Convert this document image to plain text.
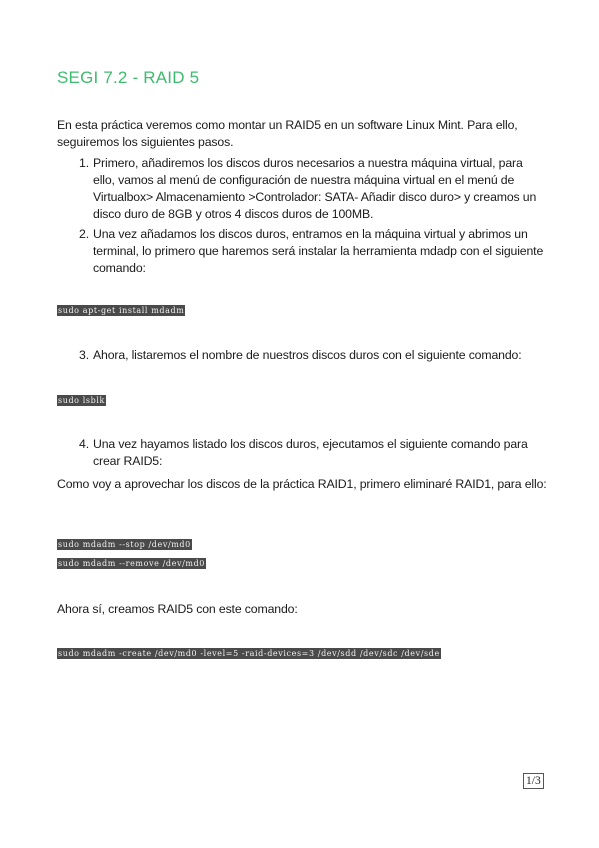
SEGI 7.2 - RAID 5

En esta práctica veremos como montar un RAID5 en un software Linux Mint. Para ello, seguiremos los siguientes pasos.

1. Primero, añadiremos los discos duros necesarios a nuestra máquina virtual, para ello, vamos al menú de configuración de nuestra máquina virtual en el menú de Virtualbox> Almacenamiento >Controlador: SATA- Añadir disco duro> y creamos un disco duro de 8GB y otros 4 discos duros de 100MB.
2. Una vez añadamos los discos duros, entramos en la máquina virtual y abrimos un terminal, lo primero que haremos será instalar la herramienta mdadp con el siguiente comando:
sudo apt-get install mdadm
3. Ahora, listaremos el nombre de nuestros discos duros con el siguiente comando:
sudo lsblk
4. Una vez hayamos listado los discos duros, ejecutamos el siguiente comando para crear RAID5:

Como voy a aprovechar los discos de la práctica RAID1, primero eliminaré RAID1, para ello:

sudo mdadm --stop /dev/md0
sudo mdadm --remove /dev/md0

Ahora sí, creamos RAID5 con este comando:

sudo mdadm -create /dev/md0 -level=5 -raid-devices=3 /dev/sdd /dev/sdc /dev/sde
1/3
